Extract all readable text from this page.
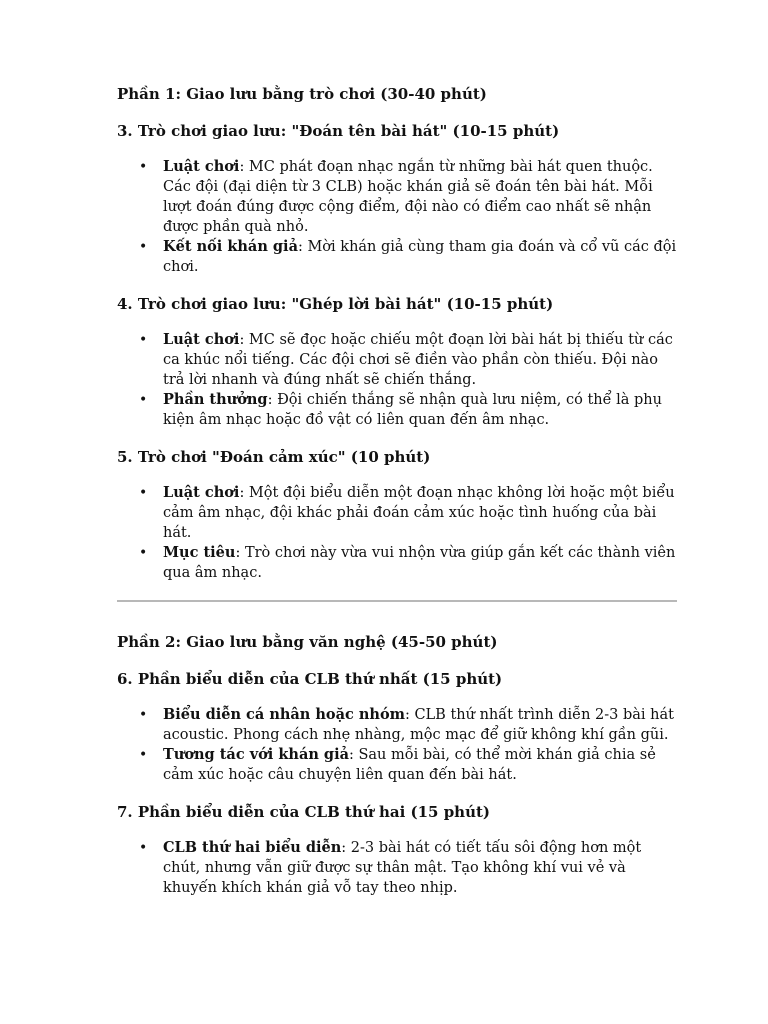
Phần 1: Giao lưu bằng trò chơi (30-40 phút)
3. Trò chơi giao lưu: "Đoán tên bài hát" (10-15 phút)
• Luật chơi: MC phát đoạn nhạc ngắn từ những bài hát quen thuộc. Các đội (đại diện từ 3 CLB) hoặc khán giả sẽ đoán tên bài hát. Mỗi lượt đoán đúng được cộng điểm, đội nào có điểm cao nhất sẽ nhận được phần quà nhỏ.
• Kết nối khán giả: Mời khán giả cùng tham gia đoán và cổ vũ các đội chơi.
4. Trò chơi giao lưu: "Ghép lời bài hát" (10-15 phút)
• Luật chơi: MC sẽ đọc hoặc chiếu một đoạn lời bài hát bị thiếu từ các ca khúc nổi tiếng. Các đội chơi sẽ điền vào phần còn thiếu. Đội nào trả lời nhanh và đúng nhất sẽ chiến thắng.
• Phần thưởng: Đội chiến thắng sẽ nhận quà lưu niệm, có thể là phụ kiện âm nhạc hoặc đồ vật có liên quan đến âm nhạc.
5. Trò chơi "Đoán cảm xúc" (10 phút)
• Luật chơi: Một đội biểu diễn một đoạn nhạc không lời hoặc một biểu cảm âm nhạc, đội khác phải đoán cảm xúc hoặc tình huống của bài hát.
• Mục tiêu: Trò chơi này vừa vui nhộn vừa giúp gắn kết các thành viên qua âm nhạc.
Phần 2: Giao lưu bằng văn nghệ (45-50 phút)
6. Phần biểu diễn của CLB thứ nhất (15 phút)
• Biểu diễn cá nhân hoặc nhóm: CLB thứ nhất trình diễn 2-3 bài hát acoustic. Phong cách nhẹ nhàng, mộc mạc để giữ không khí gần gũi.
• Tương tác với khán giả: Sau mỗi bài, có thể mời khán giả chia sẻ cảm xúc hoặc câu chuyện liên quan đến bài hát.
7. Phần biểu diễn của CLB thứ hai (15 phút)
• CLB thứ hai biểu diễn: 2-3 bài hát có tiết tấu sôi động hơn một chút, nhưng vẫn giữ được sự thân mật. Tạo không khí vui vẻ và khuyến khích khán giả vỗ tay theo nhịp.
